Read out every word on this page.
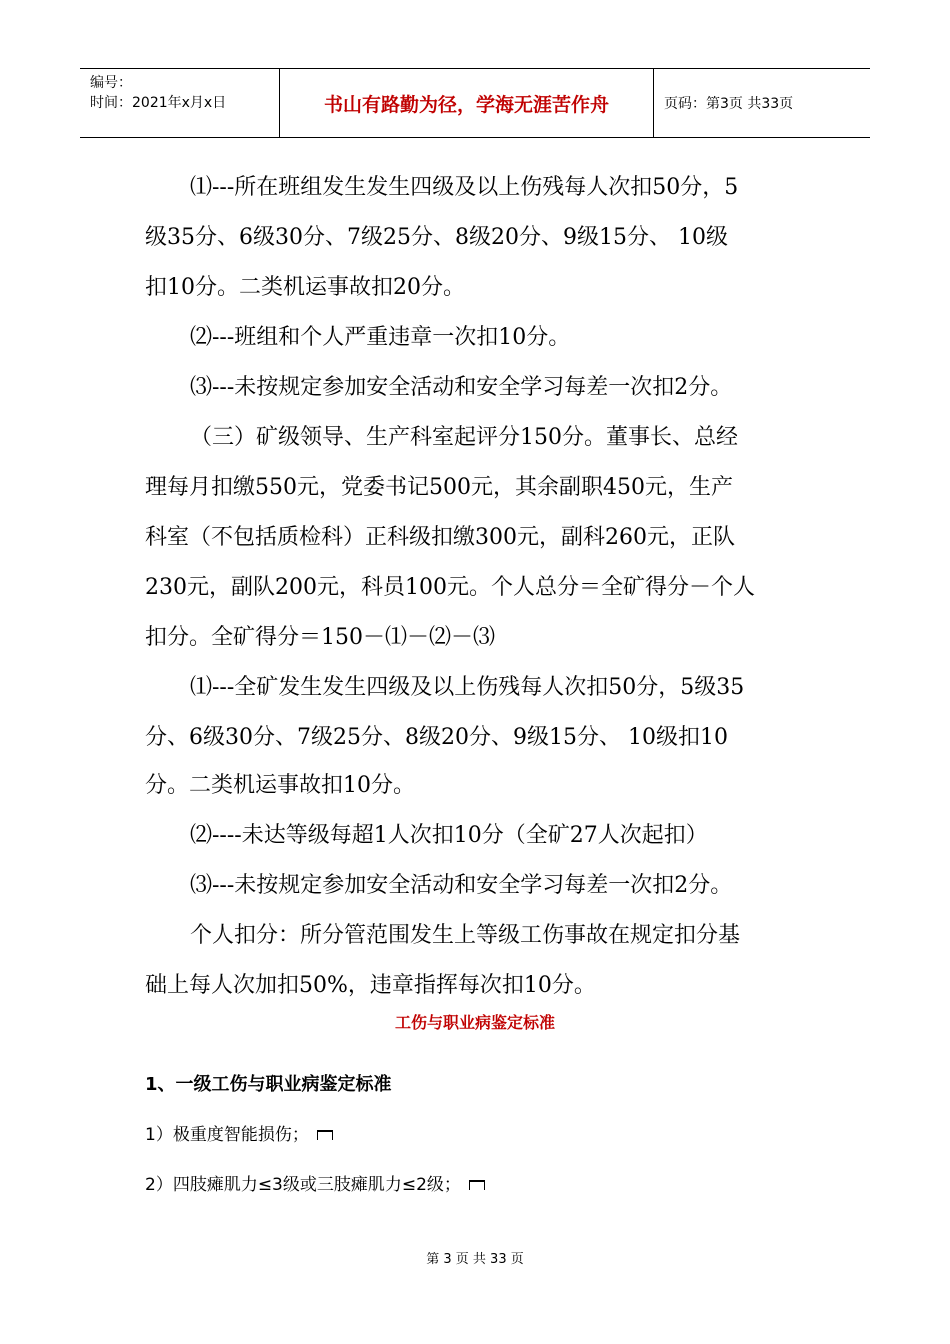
编号：
时间：2021年x月x日	书山有路勤为径，学海无涯苦作舟	页码：第3页 共33页
⑴---所在班组发生发生四级及以上伤残每人次扣50分，5
级35分、6级30分、7级25分、8级20分、9级15分、 10级
扣10分。二类机运事故扣20分。
⑵---班组和个人严重违章一次扣10分。
⑶---未按规定参加安全活动和安全学习每差一次扣2分。
（三）矿级领导、生产科室起评分150分。董事长、总经
理每月扣缴550元，党委书记500元，其余副职450元，生产
科室（不包括质检科）正科级扣缴300元，副科260元，正队
230元，副队200元，科员100元。个人总分＝全矿得分－个人
扣分。全矿得分＝150－⑴－⑵－⑶
⑴---全矿发生发生四级及以上伤残每人次扣50分，5级35
分、6级30分、7级25分、8级20分、9级15分、 10级扣10
分。二类机运事故扣10分。
⑵----未达等级每超1人次扣10分（全矿27人次起扣）
⑶---未按规定参加安全活动和安全学习每差一次扣2分。
个人扣分：所分管范围发生上等级工伤事故在规定扣分基
础上每人次加扣50%，违章指挥每次扣10分。
工伤与职业病鉴定标准
1、一级工伤与职业病鉴定标准
1）极重度智能损伤；
2）四肢瘫肌力≤3级或三肢瘫肌力≤2级；
第 3 页 共 33 页
